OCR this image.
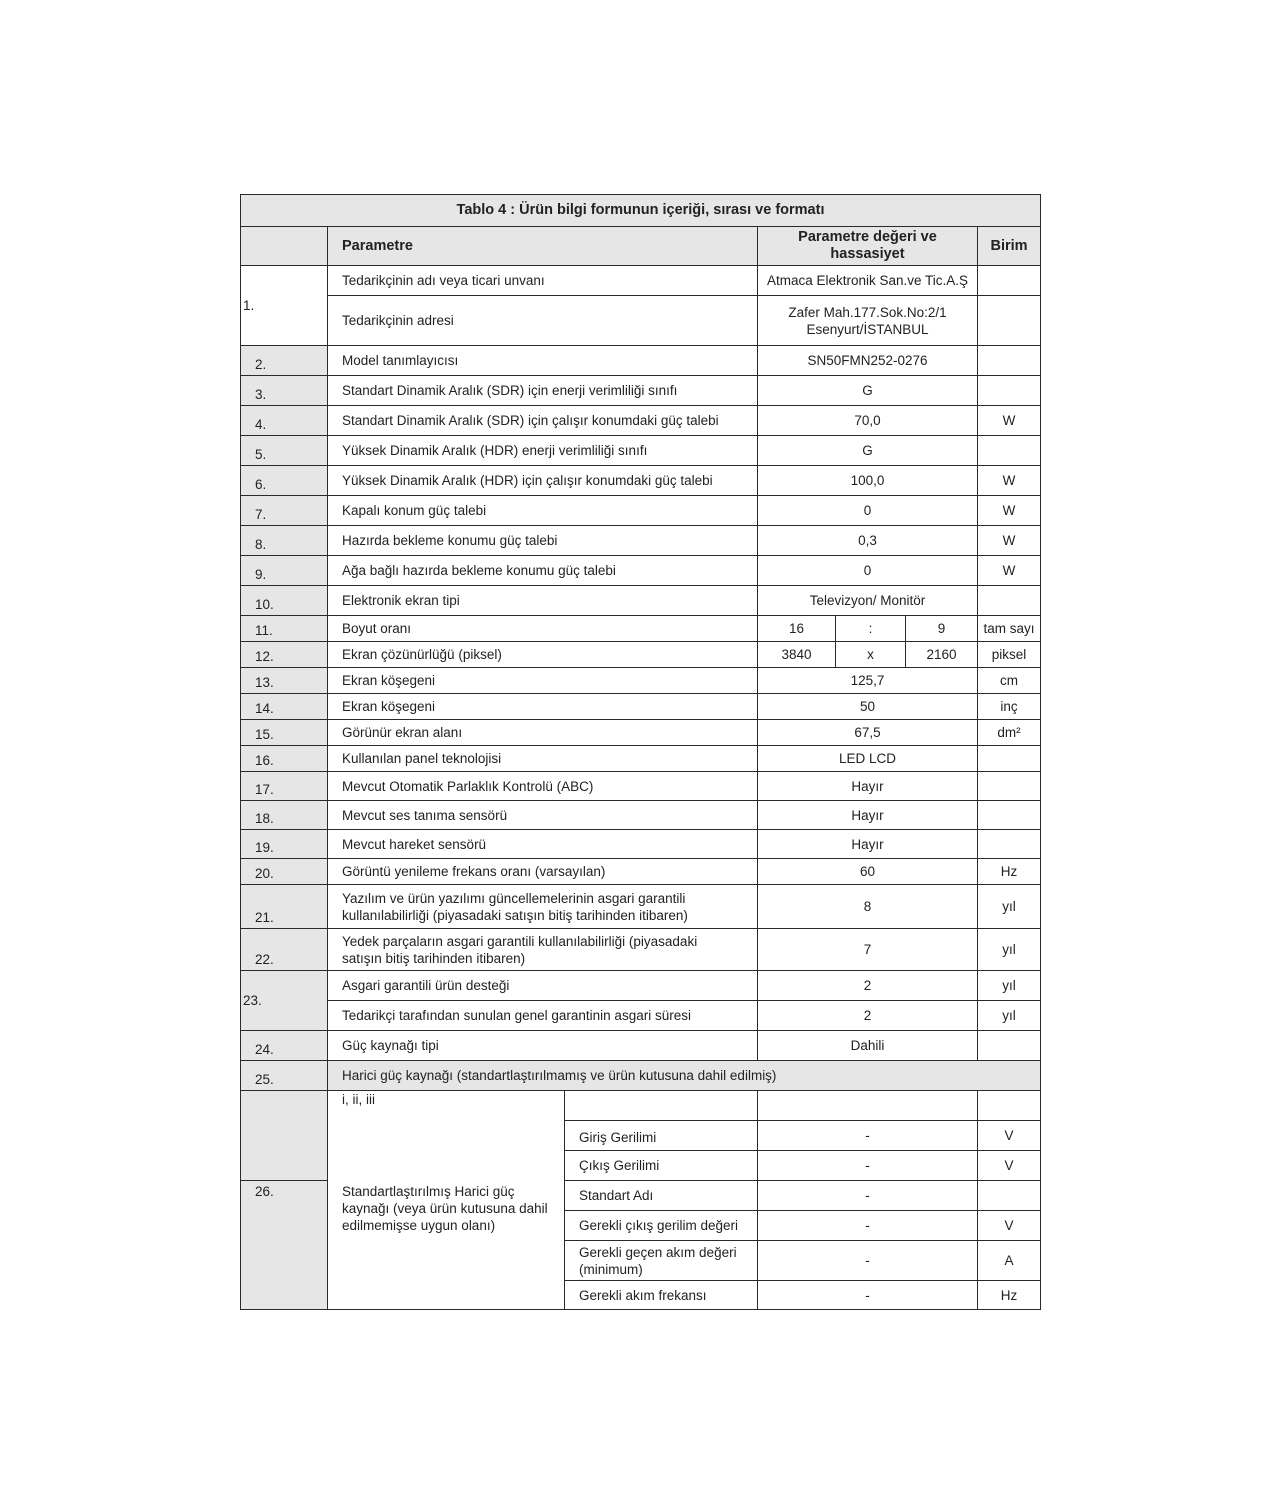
Tablo 4 : Ürün bilgi formunun içeriği, sırası ve formatı						
	Parametre		Parametre değeri ve hassasiyet			Birim
1.	Tedarikçinin adı veya ticari unvanı		Atmaca Elektronik San.ve Tic.A.Ş			
	Tedarikçinin adresi		Zafer Mah.177.Sok.No:2/1 Esenyurt/İSTANBUL			
2.	Model tanımlayıcısı		SN50FMN252-0276			
3.	Standart Dinamik Aralık (SDR) için enerji verimliliği sınıfı		G			
4.	Standart Dinamik Aralık (SDR) için çalışır konumdaki güç talebi		70,0			W
5.	Yüksek Dinamik Aralık (HDR) enerji verimliliği sınıfı		G			
6.	Yüksek Dinamik Aralık (HDR) için çalışır konumdaki güç talebi		100,0			W
7.	Kapalı konum güç talebi		0			W
8.	Hazırda bekleme konumu güç talebi		0,3			W
9.	Ağa bağlı hazırda bekleme konumu güç talebi		0			W
10.	Elektronik ekran tipi		Televizyon/ Monitör			
11.	Boyut oranı		16	:	9	tam sayı
12.	Ekran çözünürlüğü (piksel)		3840	x	2160	piksel
13.	Ekran köşegeni		125,7			cm
14.	Ekran köşegeni		50			inç
15.	Görünür ekran alanı		67,5			dm²
16.	Kullanılan panel teknolojisi		LED LCD			
17.	Mevcut Otomatik Parlaklık Kontrolü (ABC)		Hayır			
18.	Mevcut ses tanıma sensörü		Hayır			
19.	Mevcut hareket sensörü		Hayır			
20.	Görüntü yenileme frekans oranı (varsayılan)		60			Hz
21.	Yazılım ve ürün yazılımı güncellemelerinin asgari garantili kullanılabilirliği (piyasadaki satışın bitiş tarihinden itibaren)		8			yıl
22.	Yedek parçaların asgari garantili kullanılabilirliği (piyasadaki satışın bitiş tarihinden itibaren)		7			yıl
23.	Asgari garantili ürün desteği		2			yıl
	Tedarikçi tarafından sunulan genel garantinin asgari süresi		2			yıl
24.	Güç kaynağı tipi		Dahili			
25.	Harici güç kaynağı (standartlaştırılmamış ve ürün kutusuna dahil edilmiş)					
	i, ii, iii					
		Giriş Gerilimi	-			V
		Çıkış Gerilimi	-			V
26.	Standartlaştırılmış Harici güç kaynağı (veya ürün kutusuna dahil edilmemişse uygun olanı)	Standart Adı	-			
		Gerekli çıkış gerilim değeri	-			V
		Gerekli geçen akım değeri (minimum)	-			A
		Gerekli akım frekansı	-			Hz
